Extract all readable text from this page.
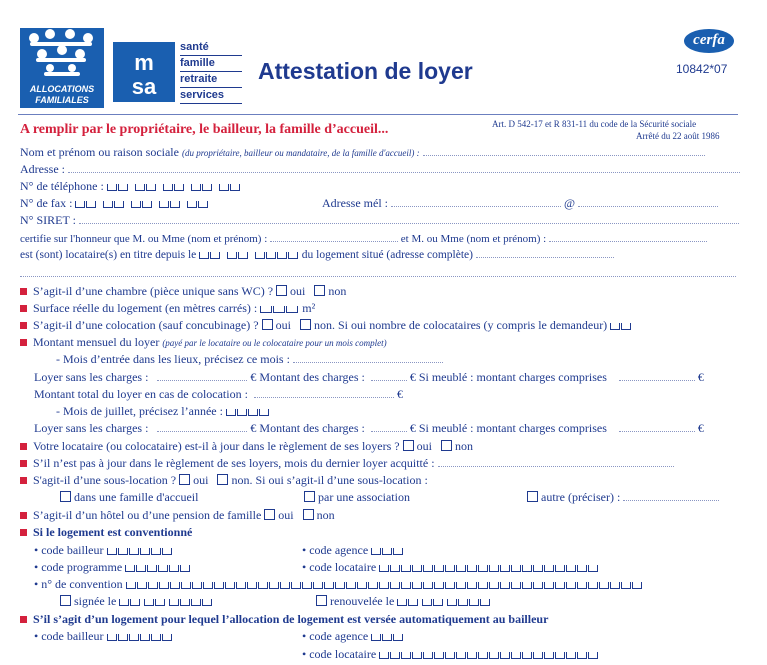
ALLOCATIONS
FAMILIALES
m
sa
santé
famille
retraite
services
Attestation de loyer
cerfa
10842*07
A remplir par le propriétaire, le bailleur, la famille d’accueil...	Art. D 542-17 et R 831-11 du code de la Sécurité sociale
Arrêté du 22 août 1986
Nom et prénom ou raison sociale (du propriétaire, bailleur ou mandataire, de la famille d'accueil) :
Adresse :
N° de téléphone :
N° de fax :	Adresse mél :	@
N° SIRET :
certifie sur l'honneur que M. ou Mme (nom et prénom) :	et M. ou Mme (nom et prénom) :
est (sont) locataire(s) en titre depuis le	du logement situé (adresse complète)
S’agit-il d’une chambre (pièce unique sans WC) ? oui non
Surface réelle du logement (en mètres carrés) :	m²
S’agit-il d’une colocation (sauf concubinage) ? oui non. Si oui nombre de colocataires (y compris le demandeur)
Montant mensuel du loyer (payé par le locataire ou le colocataire pour un mois complet)
- Mois d’entrée dans les lieux, précisez ce mois :
Loyer sans les charges :	€ Montant des charges :	€ Si meublé : montant charges comprises	€
Montant total du loyer en cas de colocation :	€
- Mois de juillet, précisez l’année :
Loyer sans les charges :	€ Montant des charges :	€ Si meublé : montant charges comprises	€
Votre locataire (ou colocataire) est-il à jour dans le règlement de ses loyers ? oui non
S’il n’est pas à jour dans le règlement de ses loyers, mois du dernier loyer acquitté :
S'agit-il d’une sous-location ? oui non. Si oui s’agit-il d’une sous-location :
dans une famille d'accueil	par une association	autre (préciser) :
S’agit-il d’un hôtel ou d’une pension de famille oui non
Si le logement est conventionné
• code bailleur	• code agence
• code programme	• code locataire
• n° de convention
signée le	renouvelée le
S’il s’agit d’un logement pour lequel l’allocation de logement est versée automatiquement au bailleur
• code bailleur	• code agence
• code locataire
